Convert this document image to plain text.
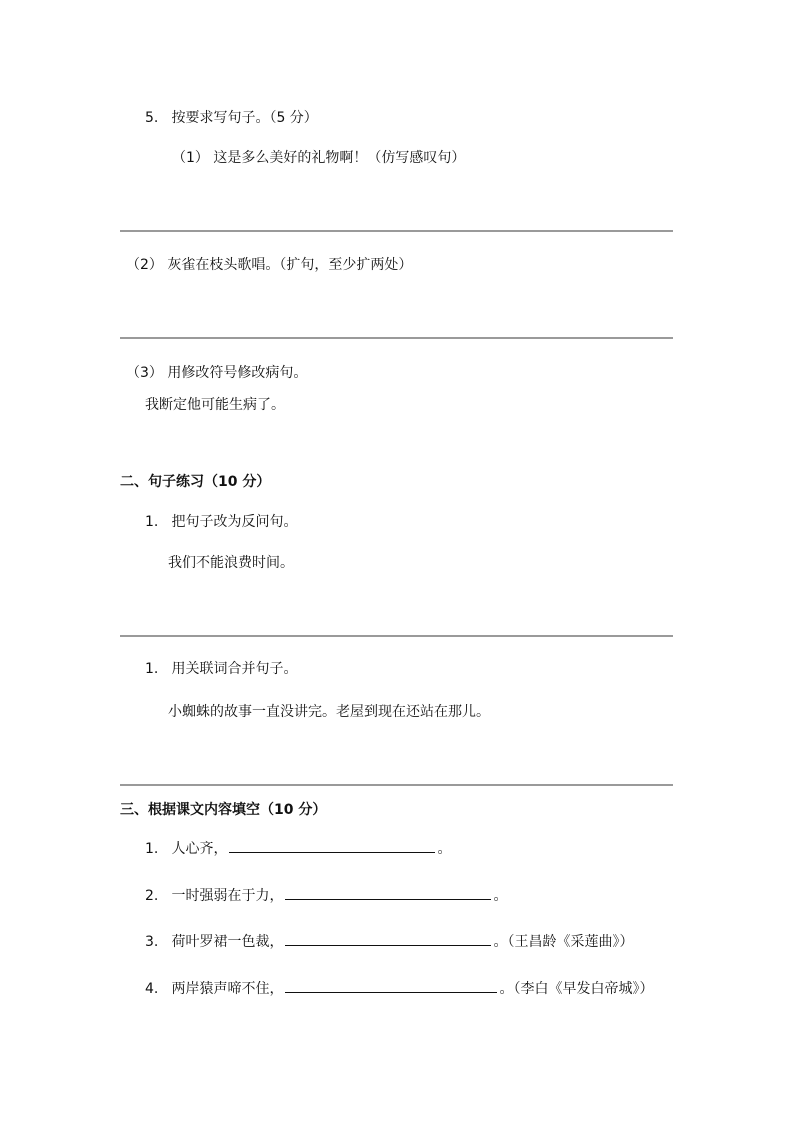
5. 按要求写句子。（5 分）
（1） 这是多么美好的礼物啊！（仿写感叹句）
（2） 灰雀在枝头歌唱。（扩句，至少扩两处）
（3） 用修改符号修改病句。
我断定他可能生病了。
二、句子练习（10 分）
1. 把句子改为反问句。
我们不能浪费时间。
1. 用关联词合并句子。
小蜘蛛的故事一直没讲完。老屋到现在还站在那儿。
三、根据课文内容填空（10 分）
1. 人心齐，	。
2. 一时强弱在于力，	。
3. 荷叶罗裙一色裁，	。（王昌龄《采莲曲》）
4. 两岸猿声啼不住，	。（李白《早发白帝城》）
